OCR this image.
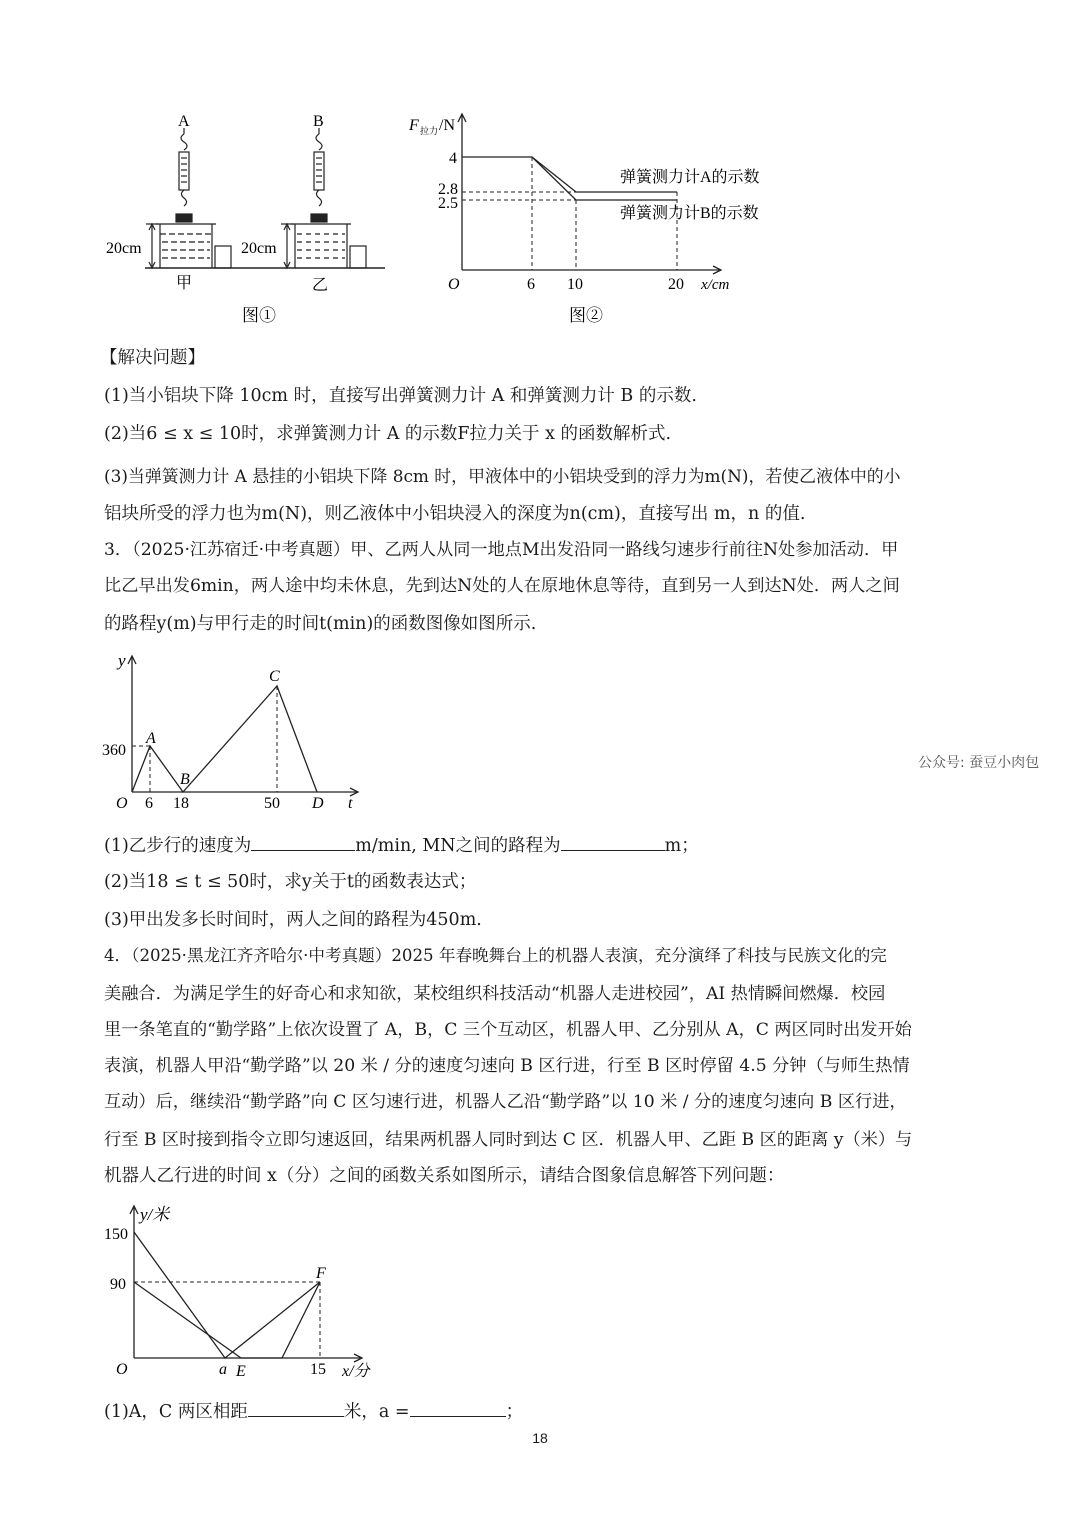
A	B
20cm	20cm
甲	乙
图①
F 拉力 /N
4
2.8
2.5
O	6 10	20 x/cm
弹簧测力计A的示数
弹簧测力计B的示数
图②
【解决问题】
(1)当小铝块下降 10cm 时，直接写出弹簧测力计 A 和弹簧测力计 B 的示数.
(2)当6 ≤ x ≤ 10时，求弹簧测力计 A 的示数F拉力关于 x 的函数解析式.
(3)当弹簧测力计 A 悬挂的小铝块下降 8cm 时，甲液体中的小铝块受到的浮力为m(N)，若使乙液体中的小
铝块所受的浮力也为m(N)，则乙液体中小铝块浸入的深度为n(cm)，直接写出 m，n 的值.
3．（2025·江苏宿迁·中考真题）甲、乙两人从同一地点M出发沿同一路线匀速步行前往N处参加活动．甲
比乙早出发6min，两人途中均未休息，先到达N处的人在原地休息等待，直到另一人到达N处．两人之间
的路程y(m)与甲行走的时间t(min)的函数图像如图所示.
y
360
O 6 18	50
A
B
C
D t
公众号: 蚕豆小肉包
(1)乙步行的速度为	m/min, MN之间的路程为	m；
(2)当18 ≤ t ≤ 50时，求y关于t的函数表达式；
(3)甲出发多长时间时，两人之间的路程为450m.
4．（2025·黑龙江齐齐哈尔·中考真题）2025 年春晚舞台上的机器人表演，充分演绎了科技与民族文化的完
美融合．为满足学生的好奇心和求知欲，某校组织科技活动“机器人走进校园”，AI 热情瞬间燃爆．校园
里一条笔直的“勤学路”上依次设置了 A，B，C 三个互动区，机器人甲、乙分别从 A，C 两区同时出发开始
表演，机器人甲沿“勤学路”以 20 米 / 分的速度匀速向 B 区行进，行至 B 区时停留 4.5 分钟（与师生热情
互动）后，继续沿“勤学路”向 C 区匀速行进，机器人乙沿“勤学路”以 10 米 / 分的速度匀速向 B 区行进，
行至 B 区时接到指令立即匀速返回，结果两机器人同时到达 C 区．机器人甲、乙距 B 区的距离 y（米）与
机器人乙行进的时间 x（分）之间的函数关系如图所示，请结合图象信息解答下列问题：
y/米
150
90
O	a E	15
F
x/分
(1)A，C 两区相距	米，a =	；
18
